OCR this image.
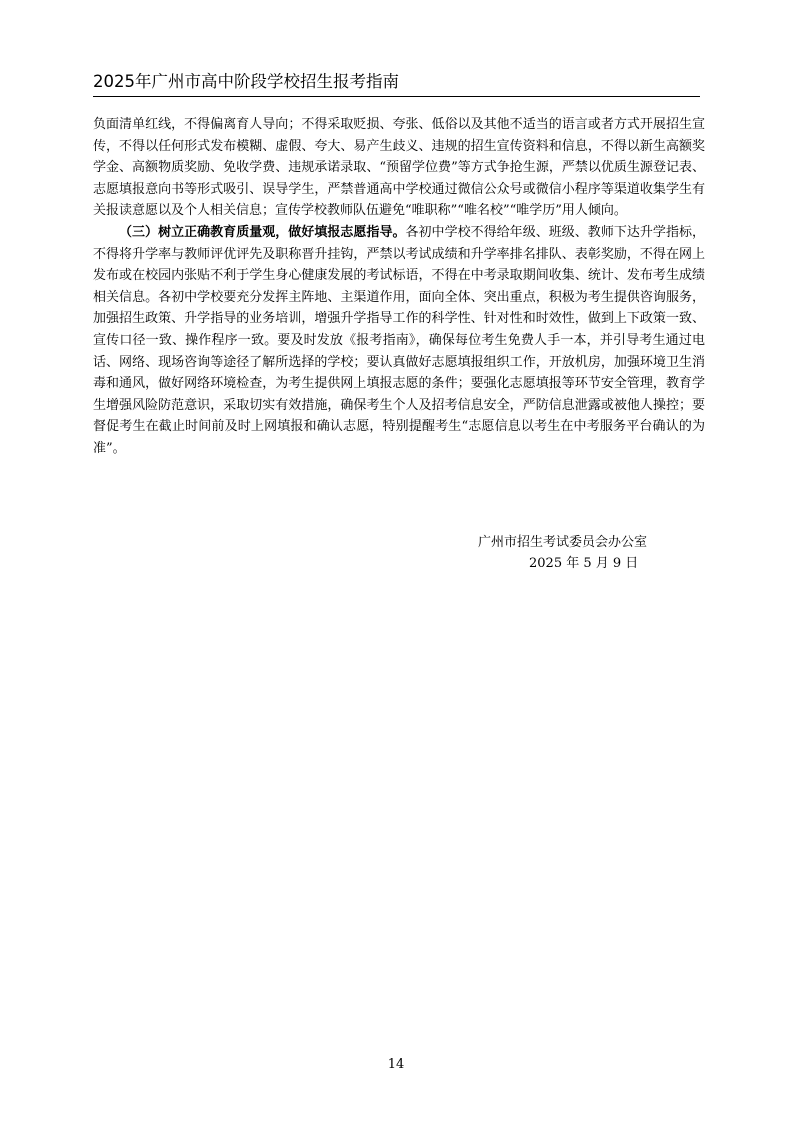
2025年广州市高中阶段学校招生报考指南

负面清单红线，不得偏离育人导向；不得采取贬损、夸张、低俗以及其他不适当的语言或者方式开展招生宣传，不得以任何形式发布模糊、虚假、夸大、易产生歧义、违规的招生宣传资料和信息，不得以新生高额奖学金、高额物质奖励、免收学费、违规承诺录取、“预留学位费”等方式争抢生源，严禁以优质生源登记表、志愿填报意向书等形式吸引、误导学生，严禁普通高中学校通过微信公众号或微信小程序等渠道收集学生有关报读意愿以及个人相关信息；宣传学校教师队伍避免“唯职称”“唯名校”“唯学历”用人倾向。

（三）树立正确教育质量观，做好填报志愿指导。各初中学校不得给年级、班级、教师下达升学指标，不得将升学率与教师评优评先及职称晋升挂钩，严禁以考试成绩和升学率排名排队、表彰奖励，不得在网上发布或在校园内张贴不利于学生身心健康发展的考试标语，不得在中考录取期间收集、统计、发布考生成绩相关信息。各初中学校要充分发挥主阵地、主渠道作用，面向全体、突出重点，积极为考生提供咨询服务，加强招生政策、升学指导的业务培训，增强升学指导工作的科学性、针对性和时效性，做到上下政策一致、宣传口径一致、操作程序一致。要及时发放《报考指南》，确保每位考生免费人手一本，并引导考生通过电话、网络、现场咨询等途径了解所选择的学校；要认真做好志愿填报组织工作，开放机房，加强环境卫生消毒和通风，做好网络环境检查，为考生提供网上填报志愿的条件；要强化志愿填报等环节安全管理，教育学生增强风险防范意识，采取切实有效措施，确保考生个人及招考信息安全，严防信息泄露或被他人操控；要督促考生在截止时间前及时上网填报和确认志愿，特别提醒考生“志愿信息以考生在中考服务平台确认的为准”。

广州市招生考试委员会办公室
2025 年 5 月 9 日
14
